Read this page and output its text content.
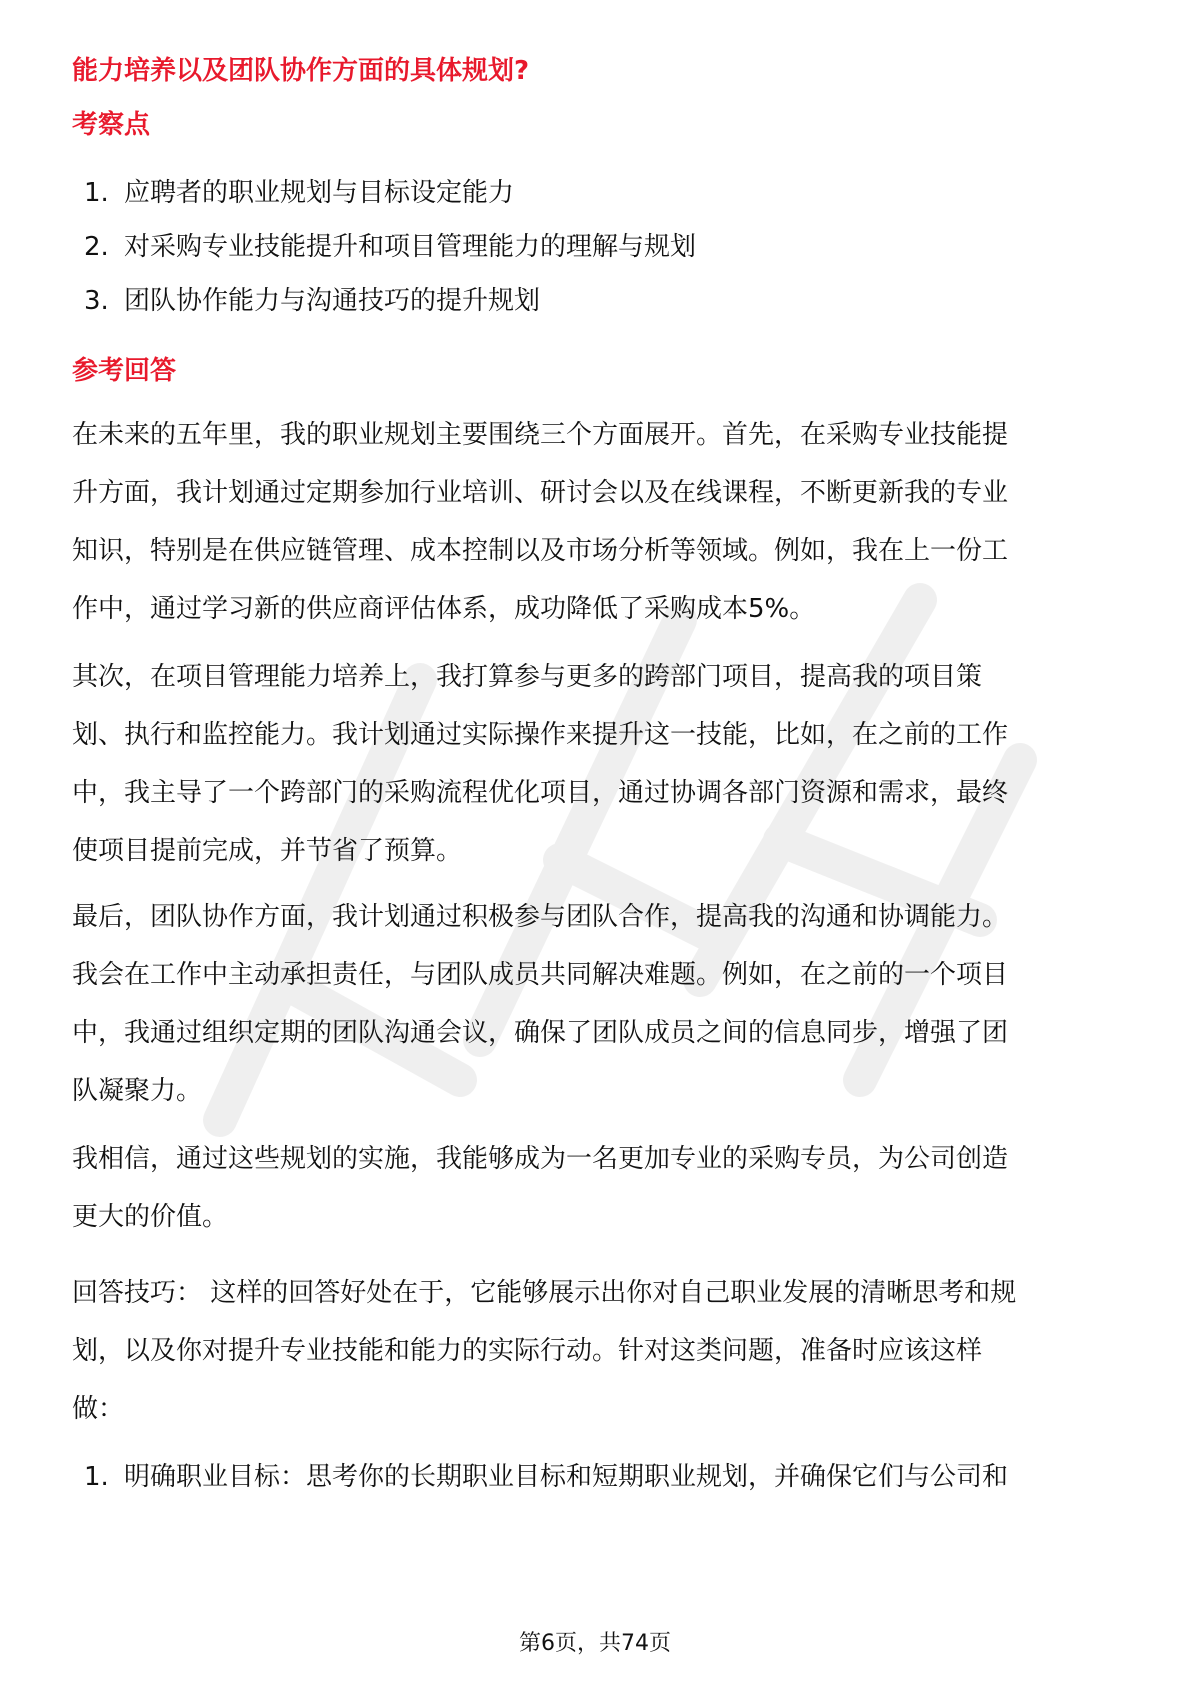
能力培养以及团队协作方面的具体规划?
考察点
1. 应聘者的职业规划与目标设定能力
2. 对采购专业技能提升和项目管理能力的理解与规划
3. 团队协作能力与沟通技巧的提升规划
参考回答
在未来的五年里，我的职业规划主要围绕三个方面展开。首先，在采购专业技能提
升方面，我计划通过定期参加行业培训、研讨会以及在线课程，不断更新我的专业
知识，特别是在供应链管理、成本控制以及市场分析等领域。例如，我在上一份工
作中，通过学习新的供应商评估体系，成功降低了采购成本5%。
其次，在项目管理能力培养上，我打算参与更多的跨部门项目，提高我的项目策
划、执行和监控能力。我计划通过实际操作来提升这一技能，比如，在之前的工作
中，我主导了一个跨部门的采购流程优化项目，通过协调各部门资源和需求，最终
使项目提前完成，并节省了预算。
最后，团队协作方面，我计划通过积极参与团队合作，提高我的沟通和协调能力。
我会在工作中主动承担责任，与团队成员共同解决难题。例如，在之前的一个项目
中，我通过组织定期的团队沟通会议，确保了团队成员之间的信息同步，增强了团
队凝聚力。
我相信，通过这些规划的实施，我能够成为一名更加专业的采购专员，为公司创造
更大的价值。
回答技巧： 这样的回答好处在于，它能够展示出你对自己职业发展的清晰思考和规
划，以及你对提升专业技能和能力的实际行动。针对这类问题，准备时应该这样
做：
1. 明确职业目标：思考你的长期职业目标和短期职业规划，并确保它们与公司和
第6页，共74页
